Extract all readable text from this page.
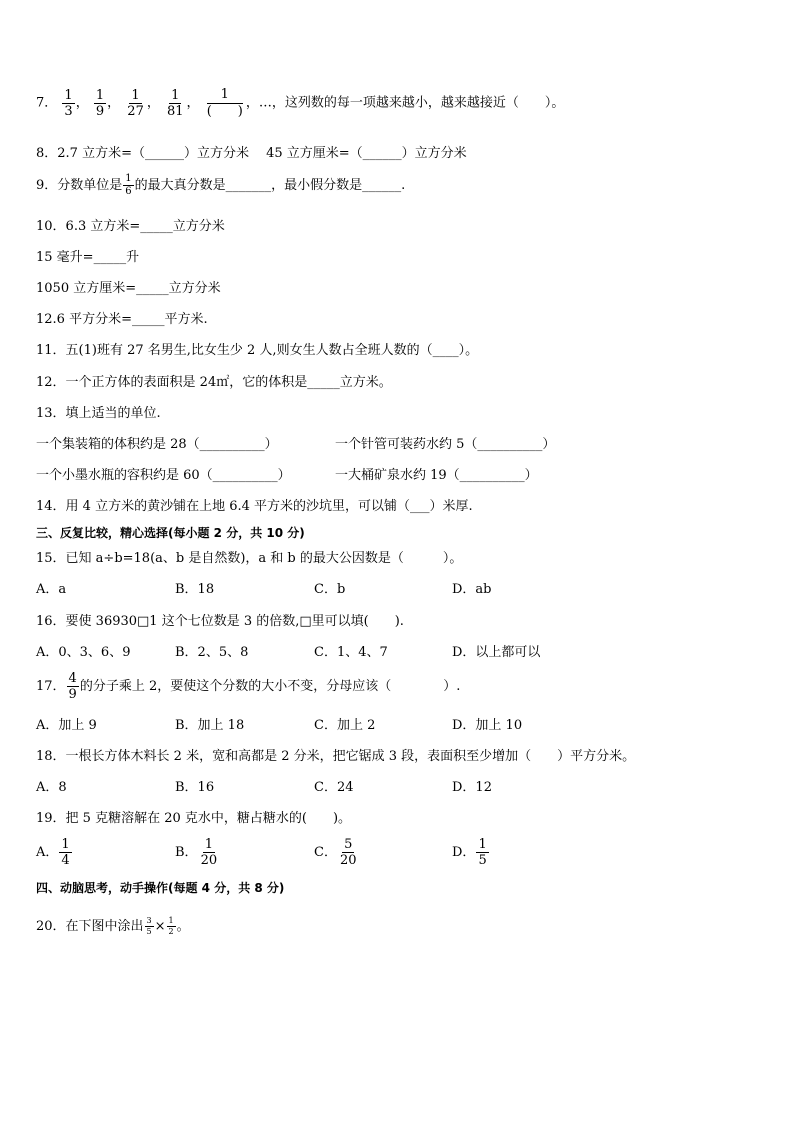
7． $\frac{1}{3}$ ， $\frac{1}{9}$ ， $\frac{1}{27}$ ， $\frac{1}{81}$ ， $\frac{1}{( )}$ ，…，这列数的每一项越来越小，越来越接近（　　）。
8．2.7 立方米=（______）立方分米　 45 立方厘米=（______）立方分米
9．分数单位是 $\frac{1}{6}$ 的最大真分数是_______，最小假分数是______.
10．6.3 立方米=_____立方分米
15 毫升=_____升
1050 立方厘米=_____立方分米
12.6 平方分米=_____平方米.
11．五(1)班有 27 名男生,比女生少 2 人,则女生人数占全班人数的（____）。
12．一个正方体的表面积是 24㎡，它的体积是_____立方米。
13．填上适当的单位.
一个集装箱的体积约是 28（__________）	一个针管可装药水约 5（__________）
一个小墨水瓶的容积约是 60（__________）	一大桶矿泉水约 19（__________）
14．用 4 立方米的黄沙铺在上地 6.4 平方米的沙坑里，可以铺（___）米厚.
三、反复比较，精心选择(每小题 2 分，共 10 分)
15．已知 a÷b=18(a、b 是自然数)，a 和 b 的最大公因数是（　　　）。
A．a	B．18	C．b	D．ab
16．要使 36930□1 这个七位数是 3 的倍数,□里可以填(　　).
A．0、3、6、9	B．2、5、8	C．1、4、7	D．以上都可以
17． $\frac{4}{9}$ 的分子乘上 2，要使这个分数的大小不变，分母应该（　　　　）.
A．加上 9	B．加上 18	C．加上 2	D．加上 10
18．一根长方体木料长 2 米，宽和高都是 2 分米，把它锯成 3 段，表面积至少增加（　　）平方分米。
A．8	B．16	C．24	D．12
19．把 5 克糖溶解在 20 克水中，糖占糖水的(　　)。
A． $\frac{1}{4}$	B． $\frac{1}{20}$	C． $\frac{5}{20}$	D． $\frac{1}{5}$
四、动脑思考，动手操作(每题 4 分，共 8 分)
20．在下图中涂出 $\frac{3}{5} \times \frac{1}{2}$ 。
